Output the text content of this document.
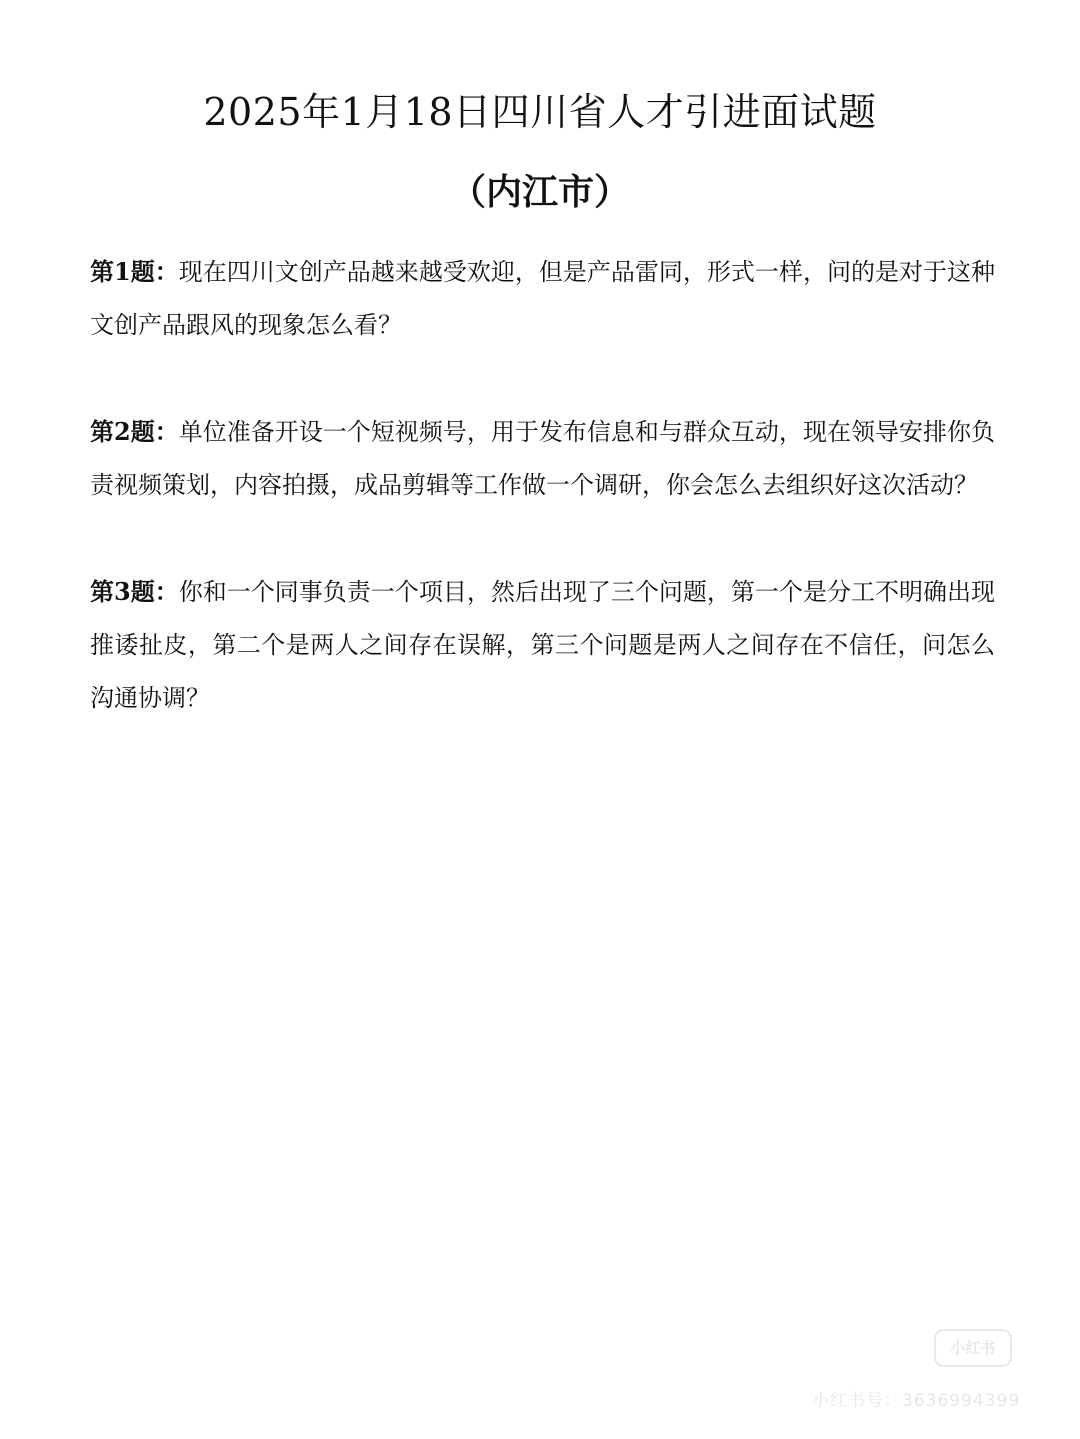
2025年1月18日四川省人才引进面试题
（内江市）

第1题：现在四川文创产品越来越受欢迎，但是产品雷同，形式一样，问的是对于这种文创产品跟风的现象怎么看？

第2题：单位准备开设一个短视频号，用于发布信息和与群众互动，现在领导安排你负责视频策划，内容拍摄，成品剪辑等工作做一个调研，你会怎么去组织好这次活动？

第3题：你和一个同事负责一个项目，然后出现了三个问题，第一个是分工不明确出现推诿扯皮，第二个是两人之间存在误解，第三个问题是两人之间存在不信任，问怎么沟通协调？

小红书
小红书号：3636994399
